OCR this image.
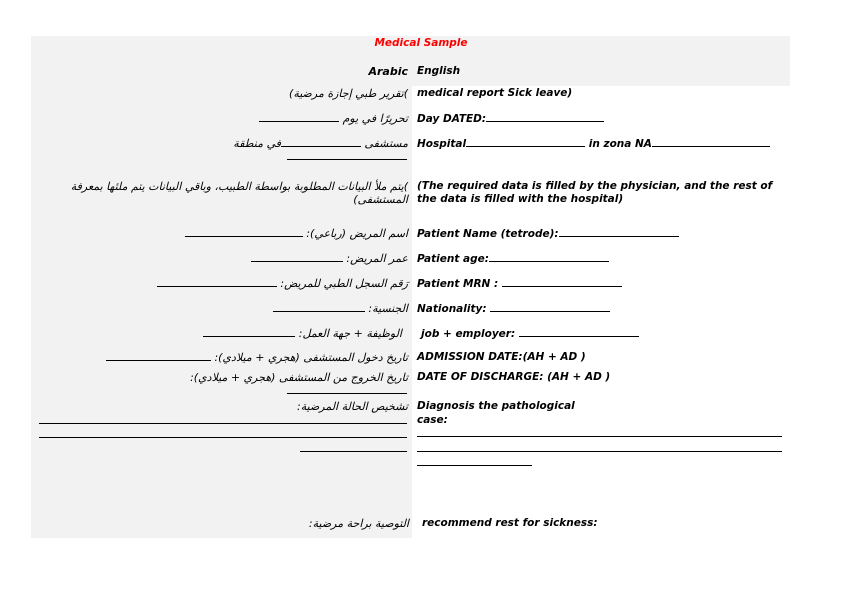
Medical Sample
Arabic English
)تقرير طبي إجازة مرضية) medical report Sick leave)
تحريرًا في يوم Day DATED:
مستشفى في منطقة	Hospital	in zona NA
)يتم ملأ البيانات المطلوبة بواسطة الطبيب، وباقي البيانات يتم ملئها بمعرفة المستشفى)
(The required data is filled by the physician, and the rest of the data is filled with the hospital)
اسم المريض (رباعي): Patient Name (tetrode):
عمر المريض: Patient age:
رَقم السجل الطبي للمريض: Patient MRN :
الجنسية: Nationality:
الوظيفة + جهة العمل: job + employer:
تاريخ دخول المستشفى (هجري + ميلادي): ADMISSION DATE:(AH + AD )
تاريخ الخروج من المستشفى (هجري + ميلادي): DATE OF DISCHARGE: (AH + AD )
تشخيص الحالة المرضية: Diagnosis the pathological
case:
التوصية براحة مرضية: recommend rest for sickness:
